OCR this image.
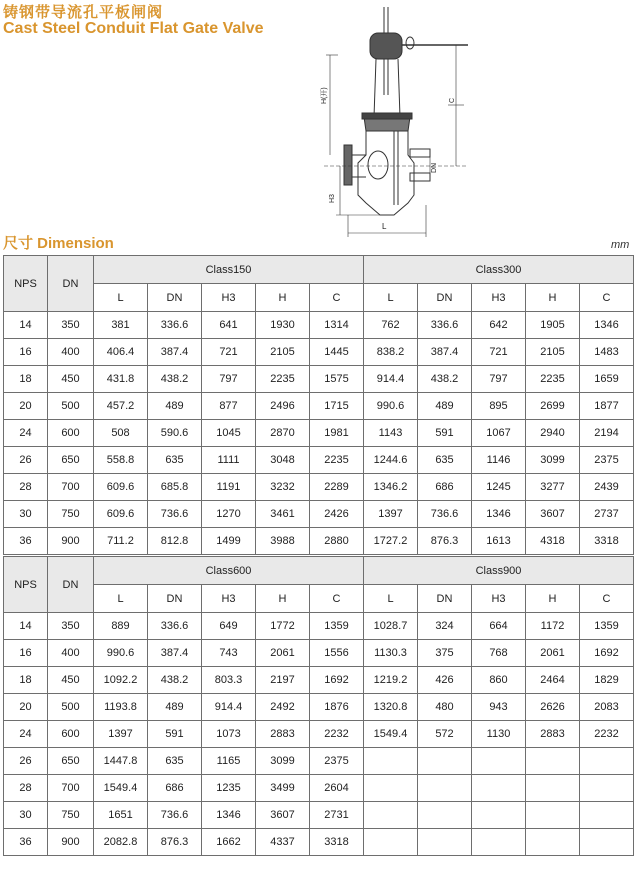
铸钢带导流孔平板闸阀
Cast Steel Conduit Flat Gate Valve
H(开)	C
DN
H3
L
尺寸 Dimension	mm
NPS	DN	Class150					Class300				
		L	DN	H3	H	C	L	DN	H3	H	C
14	350	381	336.6	641	1930	1314	762	336.6	642	1905	1346
16	400	406.4	387.4	721	2105	1445	838.2	387.4	721	2105	1483
18	450	431.8	438.2	797	2235	1575	914.4	438.2	797	2235	1659
20	500	457.2	489	877	2496	1715	990.6	489	895	2699	1877
24	600	508	590.6	1045	2870	1981	1143	591	1067	2940	2194
26	650	558.8	635	1111	3048	2235	1244.6	635	1146	3099	2375
28	700	609.6	685.8	1191	3232	2289	1346.2	686	1245	3277	2439
30	750	609.6	736.6	1270	3461	2426	1397	736.6	1346	3607	2737
36	900	711.2	812.8	1499	3988	2880	1727.2	876.3	1613	4318	3318
NPS	DN	Class600					Class900				
		L	DN	H3	H	C	L	DN	H3	H	C
14	350	889	336.6	649	1772	1359	1028.7	324	664	1172	1359
16	400	990.6	387.4	743	2061	1556	1130.3	375	768	2061	1692
18	450	1092.2	438.2	803.3	2197	1692	1219.2	426	860	2464	1829
20	500	1193.8	489	914.4	2492	1876	1320.8	480	943	2626	2083
24	600	1397	591	1073	2883	2232	1549.4	572	1130	2883	2232
26	650	1447.8	635	1165	3099	2375					
28	700	1549.4	686	1235	3499	2604					
30	750	1651	736.6	1346	3607	2731					
36	900	2082.8	876.3	1662	4337	3318					
